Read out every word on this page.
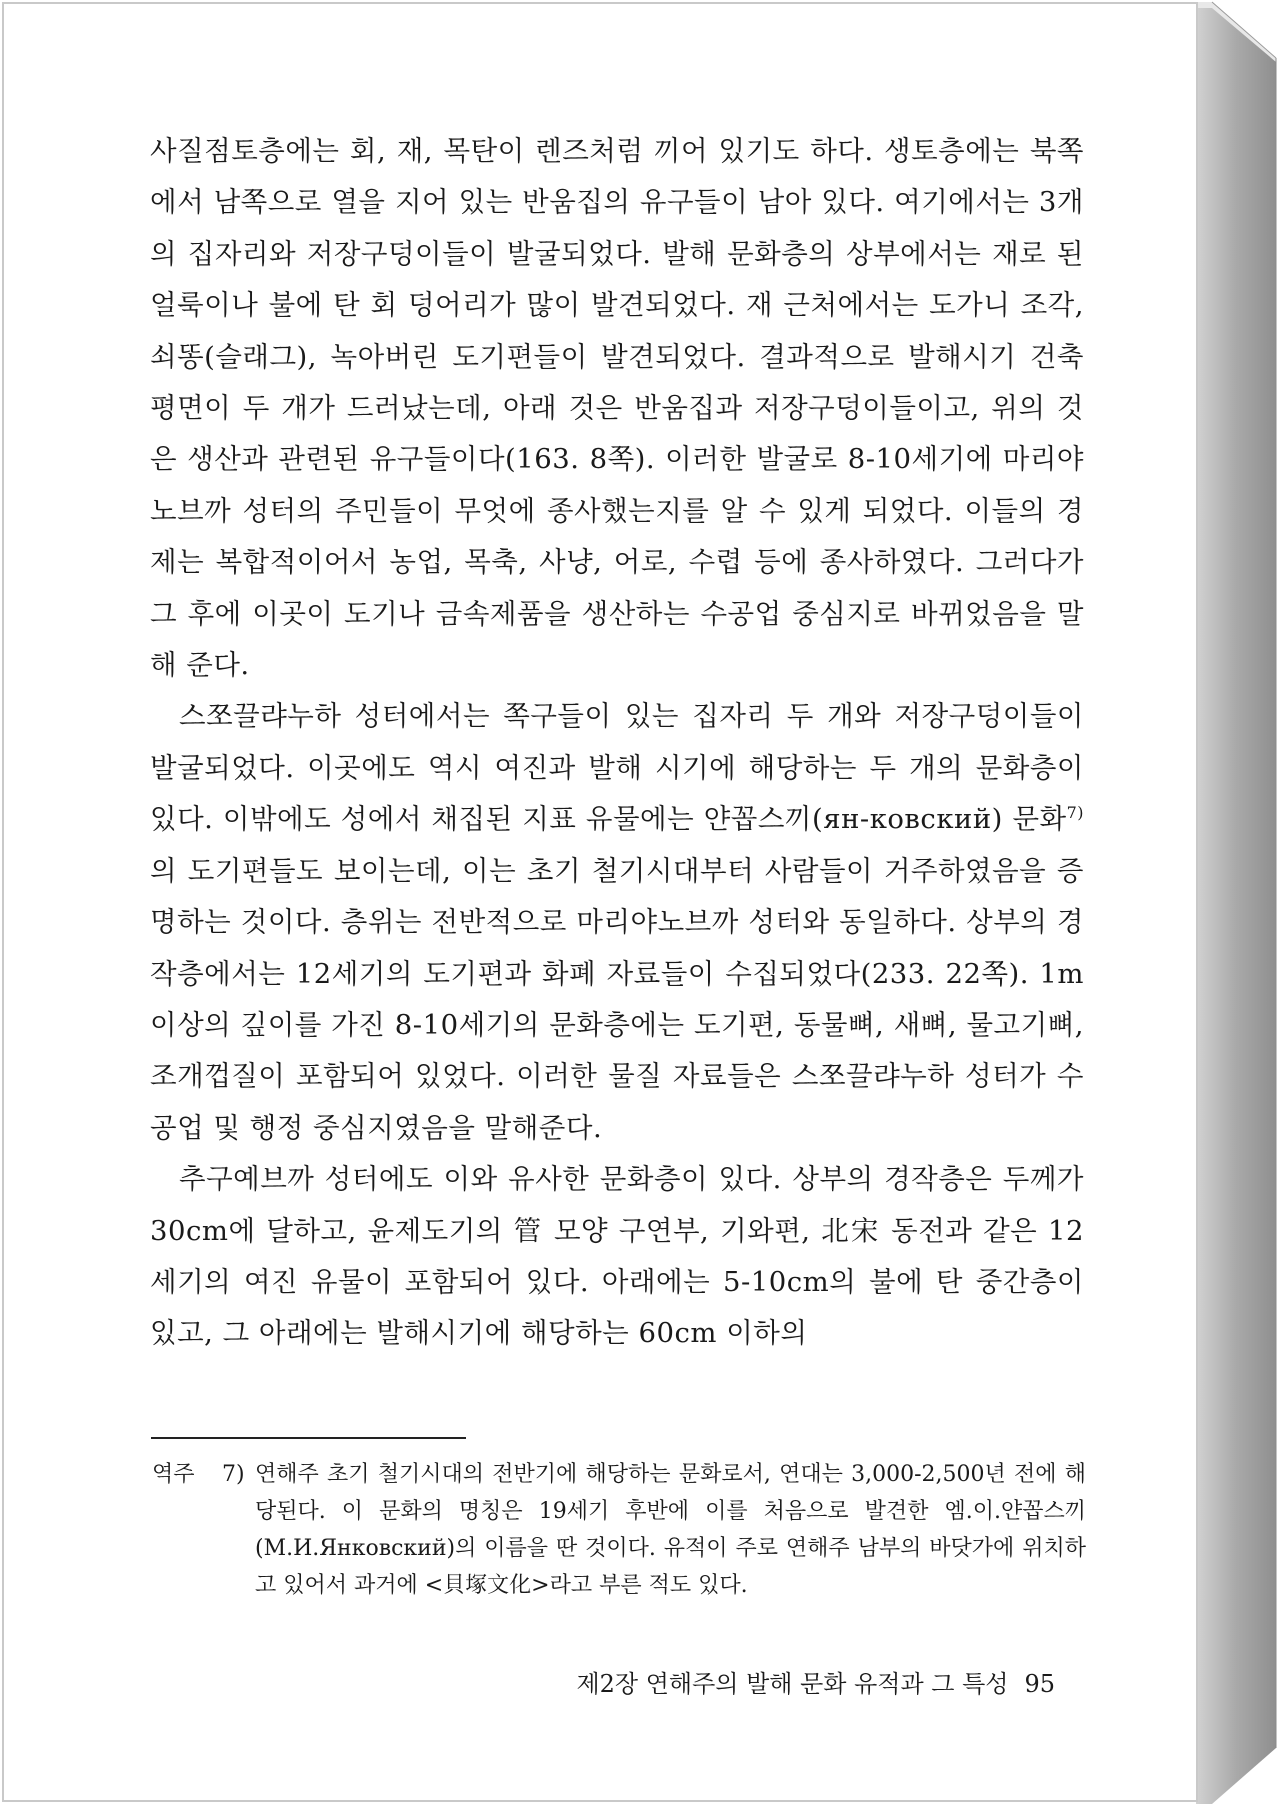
사질점토층에는 회, 재, 목탄이 렌즈처럼 끼어 있기도 하다. 생토층에는 북쪽에서 남쪽으로 열을 지어 있는 반움집의 유구들이 남아 있다. 여기에서는 3개의 집자리와 저장구덩이들이 발굴되었다. 발해 문화층의 상부에서는 재로 된 얼룩이나 불에 탄 회 덩어리가 많이 발견되었다. 재 근처에서는 도가니 조각, 쇠똥(슬래그), 녹아버린 도기편들이 발견되었다. 결과적으로 발해시기 건축평면이 두 개가 드러났는데, 아래 것은 반움집과 저장구덩이들이고, 위의 것은 생산과 관련된 유구들이다(163. 8쪽). 이러한 발굴로 8-10세기에 마리야노브까 성터의 주민들이 무엇에 종사했는지를 알 수 있게 되었다. 이들의 경제는 복합적이어서 농업, 목축, 사냥, 어로, 수렵 등에 종사하였다. 그러다가 그 후에 이곳이 도기나 금속제품을 생산하는 수공업 중심지로 바뀌었음을 말해 준다.

스쪼끌랴누하 성터에서는 쪽구들이 있는 집자리 두 개와 저장구덩이들이 발굴되었다. 이곳에도 역시 여진과 발해 시기에 해당하는 두 개의 문화층이 있다. 이밖에도 성에서 채집된 지표 유물에는 얀꼽스끼(ян-ковский) 문화$^{7)}$의 도기편들도 보이는데, 이는 초기 철기시대부터 사람들이 거주하였음을 증명하는 것이다. 층위는 전반적으로 마리야노브까 성터와 동일하다. 상부의 경작층에서는 12세기의 도기편과 화폐 자료들이 수집되었다(233. 22쪽). 1m 이상의 깊이를 가진 8-10세기의 문화층에는 도기편, 동물뼈, 새뼈, 물고기뼈, 조개껍질이 포함되어 있었다. 이러한 물질 자료들은 스쪼끌랴누하 성터가 수공업 및 행정 중심지였음을 말해준다.

추구예브까 성터에도 이와 유사한 문화층이 있다. 상부의 경작층은 두께가 30cm에 달하고, 윤제도기의 管 모양 구연부, 기와편, 北宋 동전과 같은 12세기의 여진 유물이 포함되어 있다. 아래에는 5-10cm의 불에 탄 중간층이 있고, 그 아래에는 발해시기에 해당하는 60cm 이하의

역주	7) 연해주 초기 철기시대의 전반기에 해당하는 문화로서, 연대는 3,000-2,500년 전에 해당된다. 이 문화의 명칭은 19세기 후반에 이를 처음으로 발견한 엠.이.얀꼽스끼(М.И.Янковский)의 이름을 딴 것이다. 유적이 주로 연해주 남부의 바닷가에 위치하고 있어서 과거에 <貝塚文化>라고 부른 적도 있다.
제2장 연해주의 발해 문화 유적과 그 특성 95
